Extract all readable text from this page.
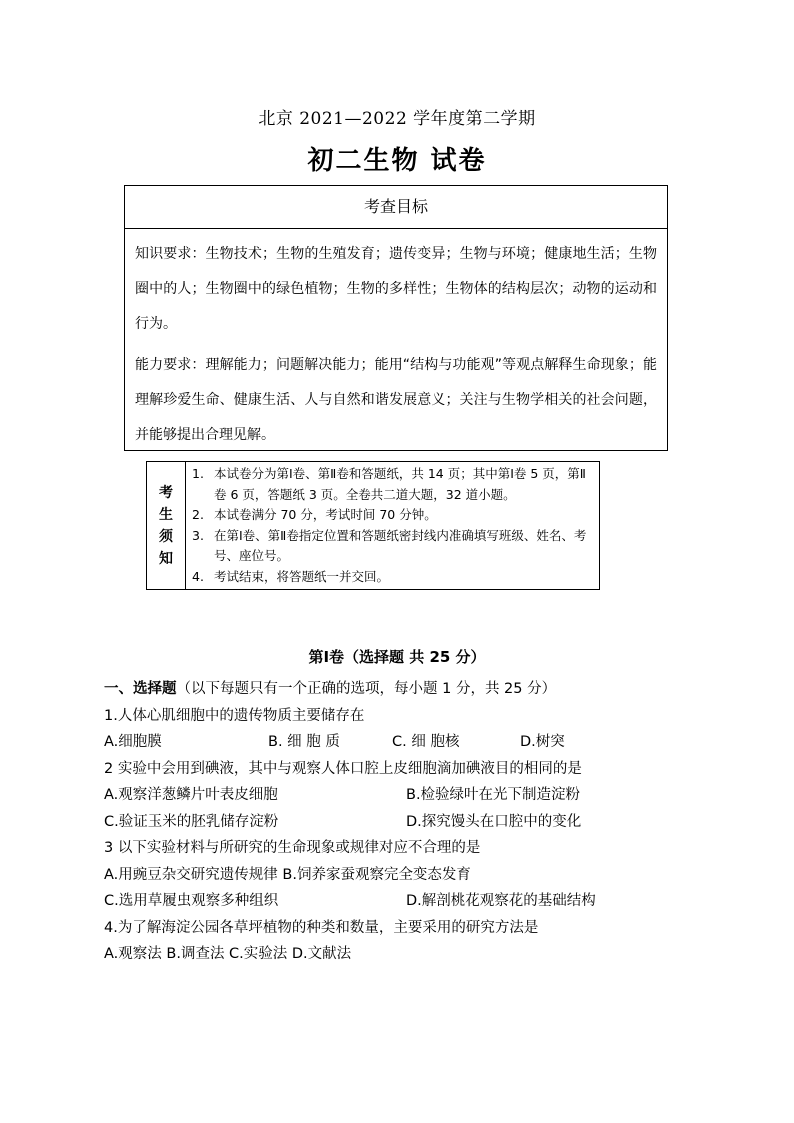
北京 2021—2022 学年度第二学期
初二生物 试卷
考查目标

知识要求：生物技术；生物的生殖发育；遗传变异；生物与环境；健康地生活；生物圈中的人；生物圈中的绿色植物；生物的多样性；生物体的结构层次；动物的运动和行为。

能力要求：理解能力；问题解决能力；能用“结构与功能观”等观点解释生命现象；能理解珍爱生命、健康生活、人与自然和谐发展意义；关注与生物学相关的社会问题，并能够提出合理见解。

考
生
须
知
1. 本试卷分为第Ⅰ卷、第Ⅱ卷和答题纸，共 14 页；其中第Ⅰ卷 5 页，第Ⅱ卷 6 页，答题纸 3 页。全卷共二道大题，32 道小题。
2. 本试卷满分 70 分，考试时间 70 分钟。
3. 在第Ⅰ卷、第Ⅱ卷指定位置和答题纸密封线内准确填写班级、姓名、考号、座位号。
4. 考试结束，将答题纸一并交回。
第Ⅰ卷（选择题 共 25 分）
一、选择题（以下每题只有一个正确的选项，每小题 1 分，共 25 分）
1.人体心肌细胞中的遗传物质主要储存在
A.细胞膜	B. 细 胞 质	C. 细 胞核	D.树突
2 实验中会用到碘液，其中与观察人体口腔上皮细胞滴加碘液目的相同的是
A.观察洋葱鳞片叶表皮细胞	B.检验绿叶在光下制造淀粉
C.验证玉米的胚乳储存淀粉	D.探究馒头在口腔中的变化
3 以下实验材料与所研究的生命现象或规律对应不合理的是
A.用豌豆杂交研究遗传规律 B.饲养家蚕观察完全变态发育
C.选用草履虫观察多种组织	D.解剖桃花观察花的基础结构
4.为了解海淀公园各草坪植物的种类和数量，主要采用的研究方法是
A.观察法 B.调查法 C.实验法 D.文献法
